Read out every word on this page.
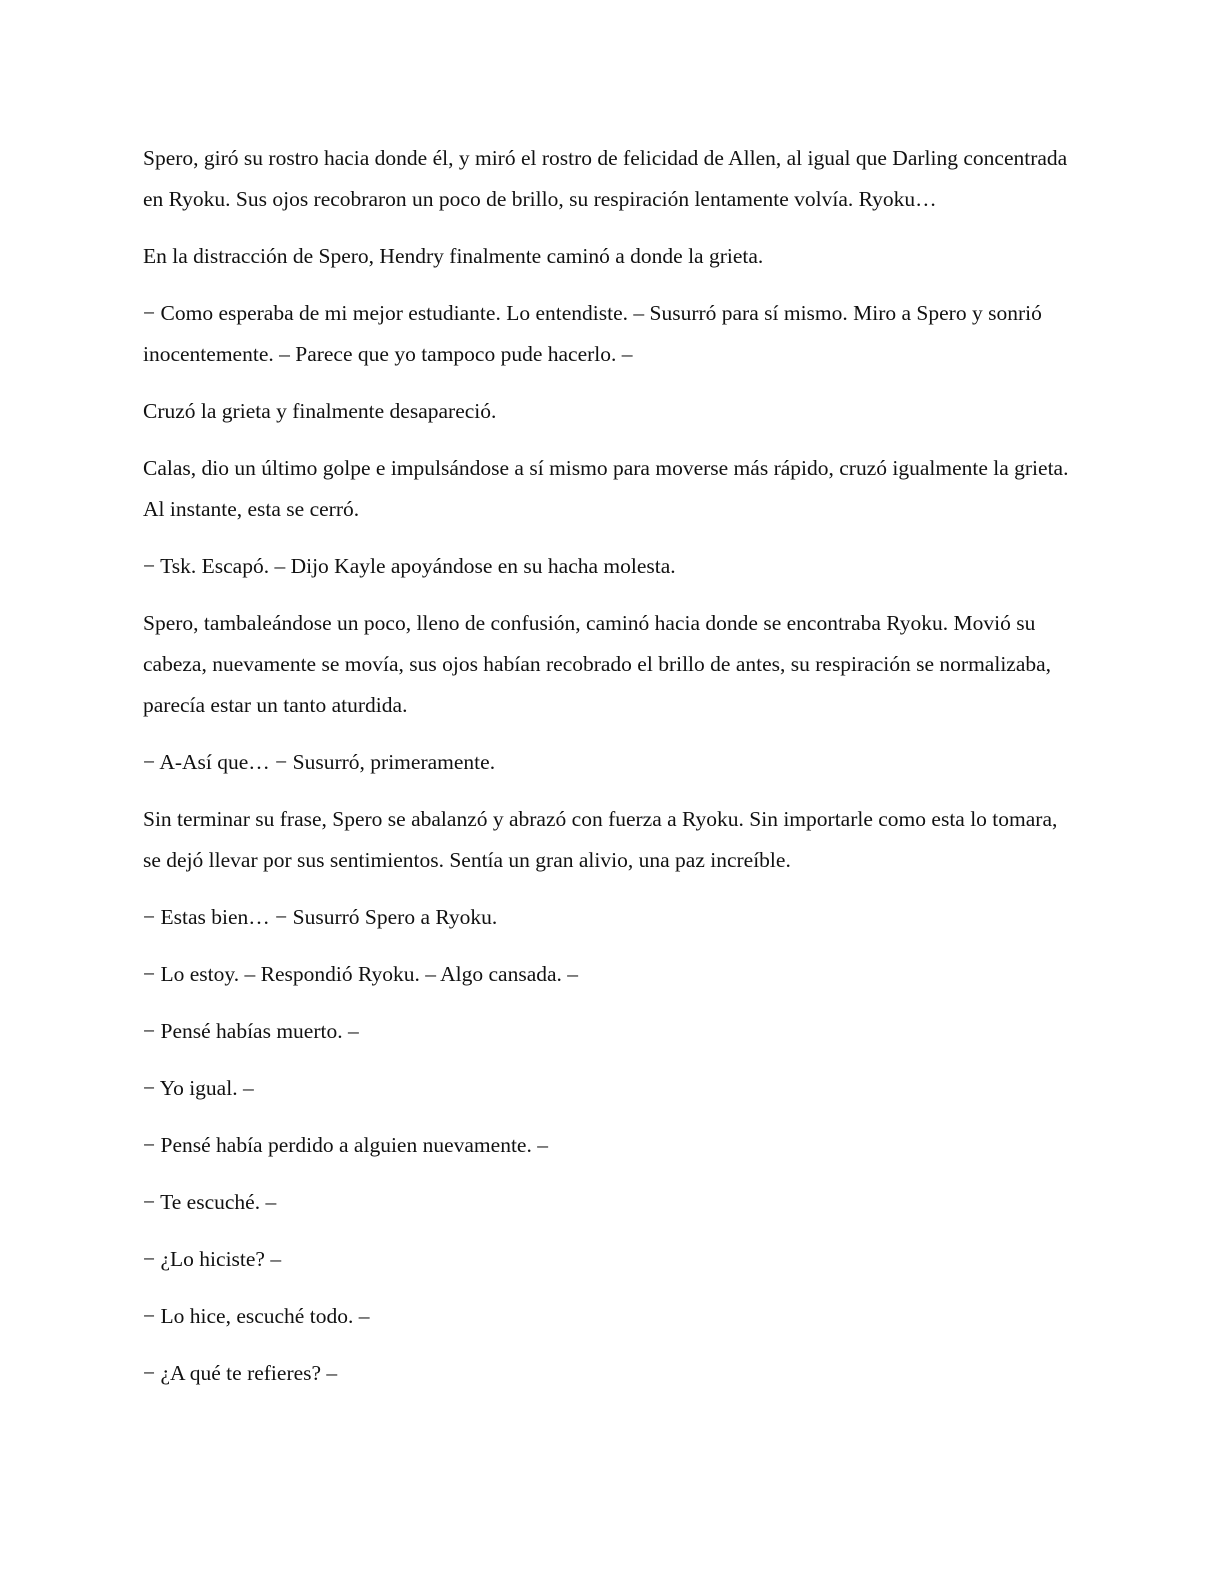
Spero, giró su rostro hacia donde él, y miró el rostro de felicidad de Allen, al igual que Darling concentrada en Ryoku. Sus ojos recobraron un poco de brillo, su respiración lentamente volvía. Ryoku…

En la distracción de Spero, Hendry finalmente caminó a donde la grieta.

− Como esperaba de mi mejor estudiante. Lo entendiste. – Susurró para sí mismo. Miro a Spero y sonrió inocentemente. – Parece que yo tampoco pude hacerlo. –

Cruzó la grieta y finalmente desapareció.

Calas, dio un último golpe e impulsándose a sí mismo para moverse más rápido, cruzó igualmente la grieta. Al instante, esta se cerró.

− Tsk. Escapó. – Dijo Kayle apoyándose en su hacha molesta.

Spero, tambaleándose un poco, lleno de confusión, caminó hacia donde se encontraba Ryoku. Movió su cabeza, nuevamente se movía, sus ojos habían recobrado el brillo de antes, su respiración se normalizaba, parecía estar un tanto aturdida.

− A-Así que… − Susurró, primeramente.

Sin terminar su frase, Spero se abalanzó y abrazó con fuerza a Ryoku. Sin importarle como esta lo tomara, se dejó llevar por sus sentimientos. Sentía un gran alivio, una paz increíble.

− Estas bien… − Susurró Spero a Ryoku.

− Lo estoy. – Respondió Ryoku. – Algo cansada. –

− Pensé habías muerto. –

− Yo igual. –

− Pensé había perdido a alguien nuevamente. –

− Te escuché. –

− ¿Lo hiciste? –

− Lo hice, escuché todo. –

− ¿A qué te refieres? –
